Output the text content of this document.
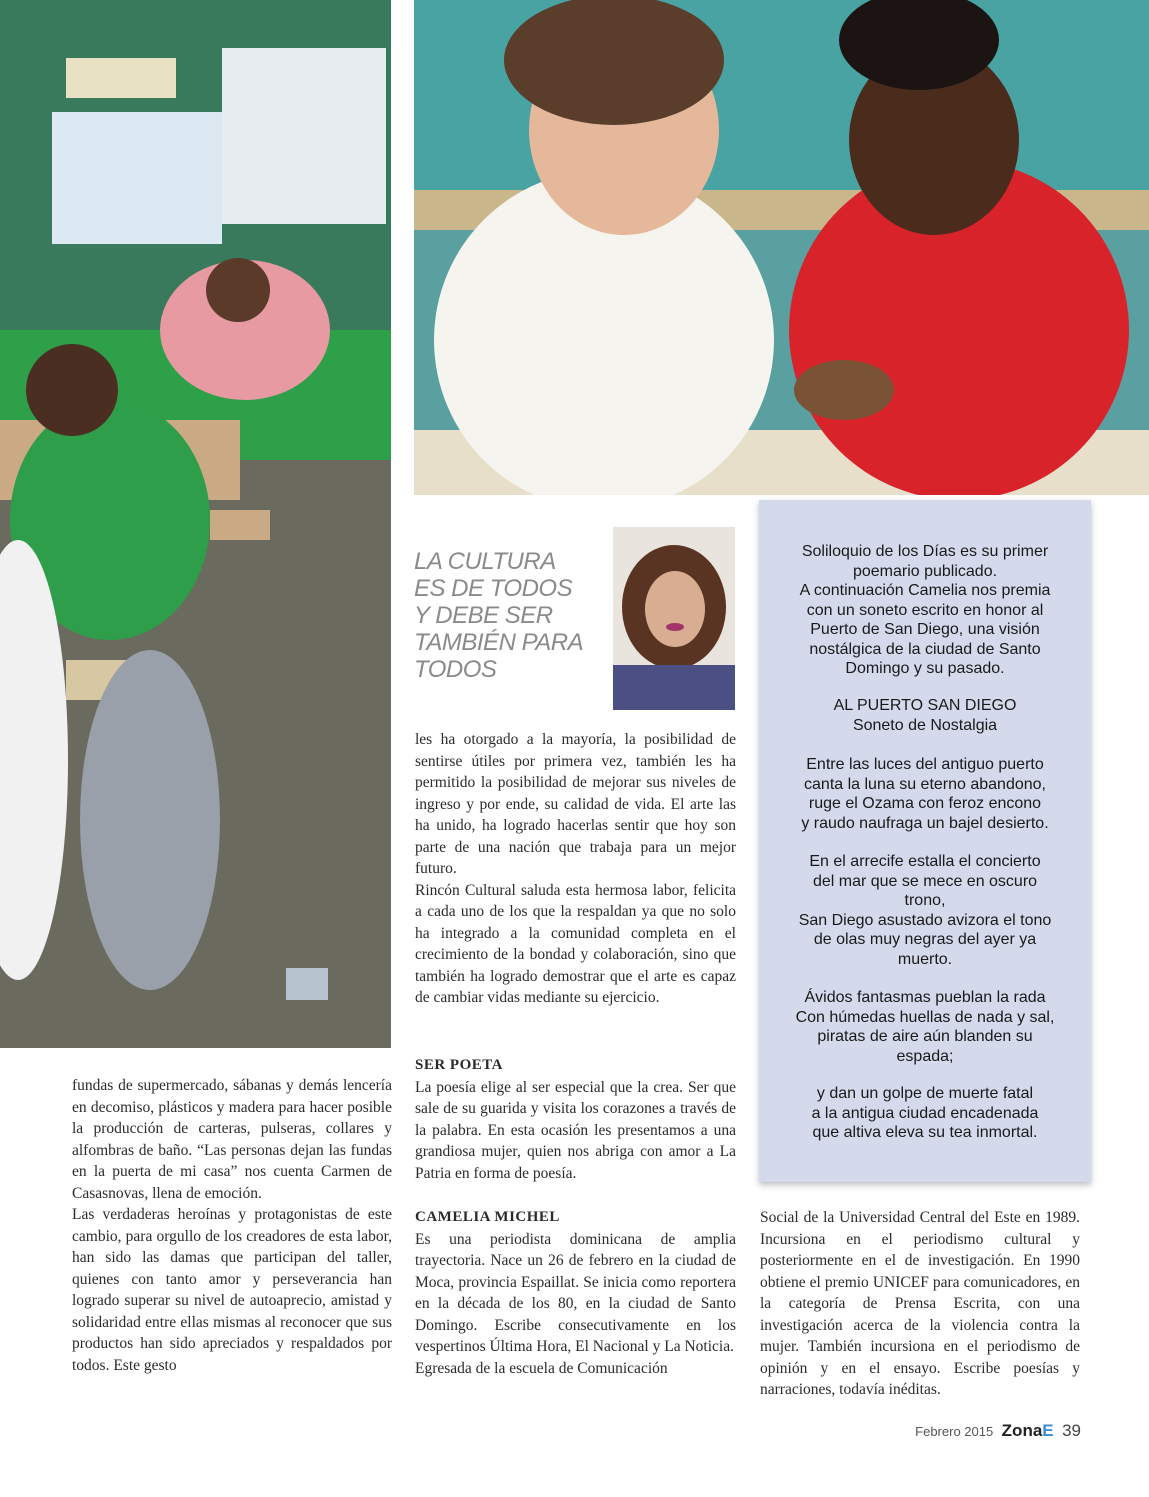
LA CULTURA
ES DE TODOS
Y DEBE SER
TAMBIÉN PARA
TODOS

fundas de supermercado, sábanas y demás lencería en decomiso, plásticos y madera para hacer posible la producción de carteras, pulseras, collares y alfombras de baño. “Las personas dejan las fundas en la puerta de mi casa” nos cuenta Carmen de Casasnovas, llena de emoción.

Las verdaderas heroínas y protagonistas de este cambio, para orgullo de los creadores de esta labor, han sido las damas que participan del taller, quienes con tanto amor y perseverancia han logrado superar su nivel de autoaprecio, amistad y solidaridad entre ellas mismas al reconocer que sus productos han sido apreciados y respaldados por todos. Este gesto

les ha otorgado a la mayoría, la posibilidad de sentirse útiles por primera vez, también les ha permitido la posibilidad de mejorar sus niveles de ingreso y por ende, su calidad de vida. El arte las ha unido, ha logrado hacerlas sentir que hoy son parte de una nación que trabaja para un mejor futuro.

Rincón Cultural saluda esta hermosa labor, felicita a cada uno de los que la respaldan ya que no solo ha integrado a la comunidad completa en el crecimiento de la bondad y colaboración, sino que también ha logrado demostrar que el arte es capaz de cambiar vidas mediante su ejercicio.

SER POETA

La poesía elige al ser especial que la crea. Ser que sale de su guarida y visita los corazones a través de la palabra. En esta ocasión les presentamos a una grandiosa mujer, quien nos abriga con amor a La Patria en forma de poesía.

CAMELIA MICHEL

Es una periodista dominicana de amplia trayectoria. Nace un 26 de febrero en la ciudad de Moca, provincia Espaillat. Se inicia como reportera en la década de los 80, en la ciudad de Santo Domingo. Escribe consecutivamente en los vespertinos Última Hora, El Nacional y La Noticia.

Egresada de la escuela de Comunicación

Social de la Universidad Central del Este en 1989. Incursiona en el periodismo cultural y posteriormente en el de investigación. En 1990 obtiene el premio UNICEF para comunicadores, en la categoría de Prensa Escrita, con una investigación acerca de la violencia contra la mujer. También incursiona en el periodismo de opinión y en el ensayo. Escribe poesías y narraciones, todavía inéditas.

Soliloquio de los Días es su primer
poemario publicado.
A continuación Camelia nos premia
con un soneto escrito en honor al
Puerto de San Diego, una visión
nostálgica de la ciudad de Santo
Domingo y su pasado.
AL PUERTO SAN DIEGO
Soneto de Nostalgia
Entre las luces del antiguo puerto
canta la luna su eterno abandono,
ruge el Ozama con feroz encono
y raudo naufraga un bajel desierto.
En el arrecife estalla el concierto
del mar que se mece en oscuro
trono,
San Diego asustado avizora el tono
de olas muy negras del ayer ya
muerto.
Ávidos fantasmas pueblan la rada
Con húmedas huellas de nada y sal,
piratas de aire aún blanden su
espada;
y dan un golpe de muerte fatal
a la antigua ciudad encadenada
que altiva eleva su tea inmortal.
Febrero 2015 ZonaE 39
